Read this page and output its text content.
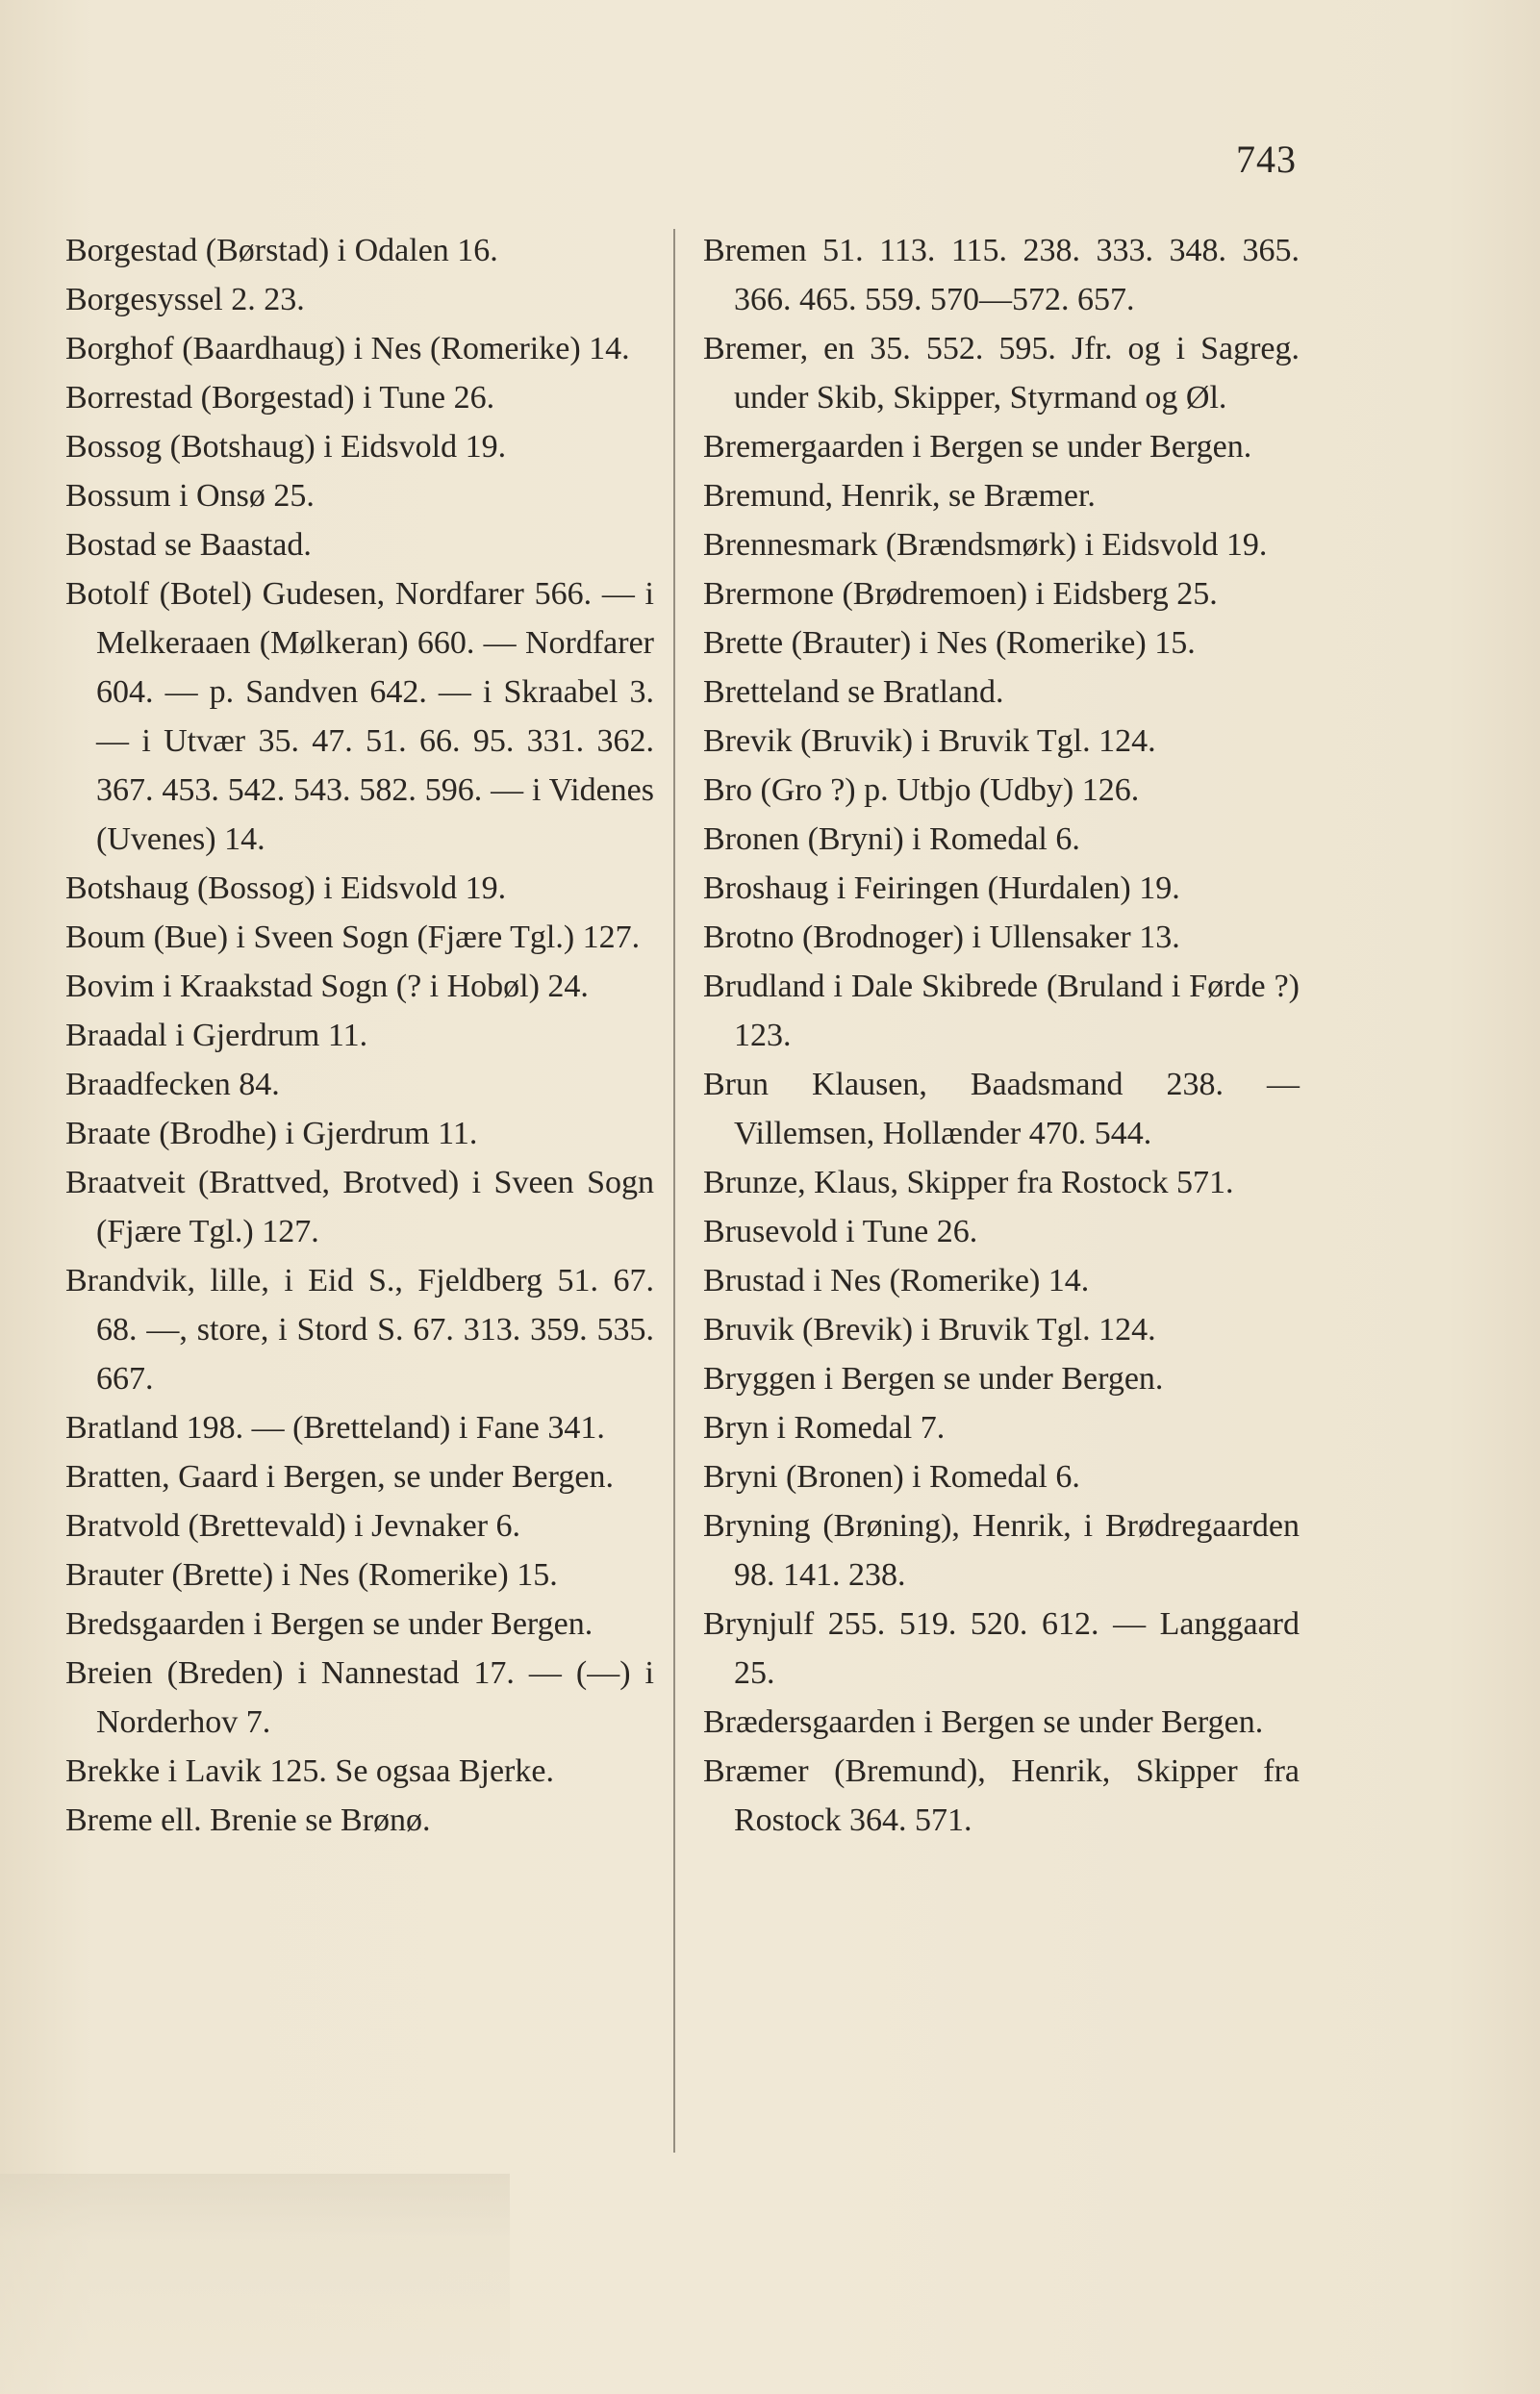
743

Borgestad (Børstad) i Odalen 16.

Borgesyssel 2. 23.

Borghof (Baardhaug) i Nes (Romerike) 14.

Borrestad (Borgestad) i Tune 26.

Bossog (Botshaug) i Eidsvold 19.

Bossum i Onsø 25.

Bostad se Baastad.

Botolf (Botel) Gudesen, Nordfarer 566. — i Melkeraaen (Mølkeran) 660. — Nordfarer 604. — p. Sandven 642. — i Skraabel 3. — i Utvær 35. 47. 51. 66. 95. 331. 362. 367. 453. 542. 543. 582. 596. — i Videnes (Uvenes) 14.

Botshaug (Bossog) i Eidsvold 19.

Boum (Bue) i Sveen Sogn (Fjære Tgl.) 127.

Bovim i Kraakstad Sogn (? i Hobøl) 24.

Braadal i Gjerdrum 11.

Braadfecken 84.

Braate (Brodhe) i Gjerdrum 11.

Braatveit (Brattved, Brotved) i Sveen Sogn (Fjære Tgl.) 127.

Brandvik, lille, i Eid S., Fjeldberg 51. 67. 68. —, store, i Stord S. 67. 313. 359. 535. 667.

Bratland 198. — (Bretteland) i Fane 341.

Bratten, Gaard i Bergen, se under Bergen.

Bratvold (Brettevald) i Jevnaker 6.

Brauter (Brette) i Nes (Romerike) 15.

Bredsgaarden i Bergen se under Bergen.

Breien (Breden) i Nannestad 17. — (—) i Norderhov 7.

Brekke i Lavik 125. Se ogsaa Bjerke.

Breme ell. Brenie se Brønø.

Bremen 51. 113. 115. 238. 333. 348. 365. 366. 465. 559. 570—572. 657.

Bremer, en 35. 552. 595. Jfr. og i Sagreg. under Skib, Skipper, Styrmand og Øl.

Bremergaarden i Bergen se under Bergen.

Bremund, Henrik, se Bræmer.

Brennesmark (Brændsmørk) i Eidsvold 19.

Brermone (Brødremoen) i Eidsberg 25.

Brette (Brauter) i Nes (Romerike) 15.

Bretteland se Bratland.

Brevik (Bruvik) i Bruvik Tgl. 124.

Bro (Gro ?) p. Utbjo (Udby) 126.

Bronen (Bryni) i Romedal 6.

Broshaug i Feiringen (Hurdalen) 19.

Brotno (Brodnoger) i Ullensaker 13.

Brudland i Dale Skibrede (Bruland i Førde ?) 123.

Brun Klausen, Baadsmand 238. — Villemsen, Hollænder 470. 544.

Brunze, Klaus, Skipper fra Rostock 571.

Brusevold i Tune 26.

Brustad i Nes (Romerike) 14.

Bruvik (Brevik) i Bruvik Tgl. 124.

Bryggen i Bergen se under Bergen.

Bryn i Romedal 7.

Bryni (Bronen) i Romedal 6.

Bryning (Brøning), Henrik, i Brødregaarden 98. 141. 238.

Brynjulf 255. 519. 520. 612. — Langgaard 25.

Brædersgaarden i Bergen se under Bergen.

Bræmer (Bremund), Henrik, Skipper fra Rostock 364. 571.
